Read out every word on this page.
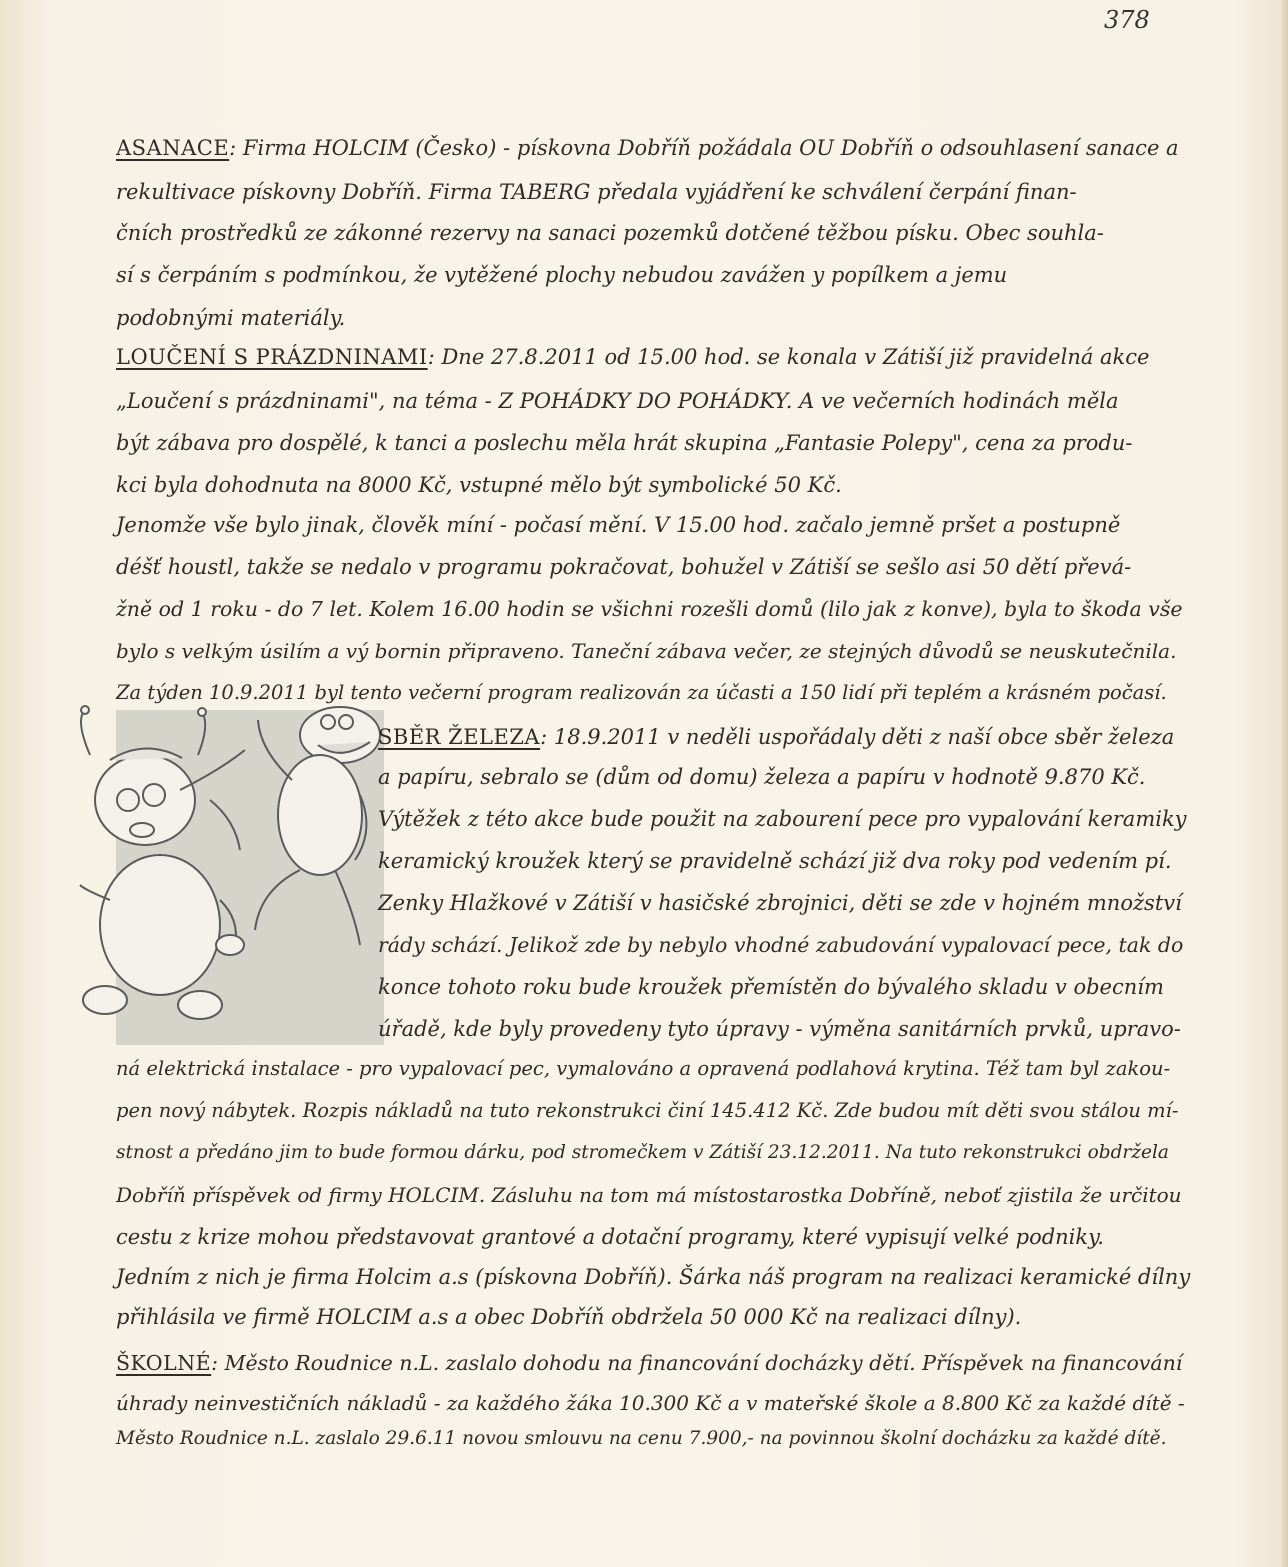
378
ASANACE: Firma HOLCIM (Česko) - pískovna Dobříň požádala OU Dobříň o odsouhlasení sanace a
rekultivace pískovny Dobříň. Firma TABERG předala vyjádření ke schválení čerpání finan-
čních prostředků ze zákonné rezervy na sanaci pozemků dotčené těžbou písku. Obec souhla-
sí s čerpáním s podmínkou, že vytěžené plochy nebudou zavážen y popílkem a jemu
podobnými materiály.
LOUČENÍ S PRÁZDNINAMI: Dne 27.8.2011 od 15.00 hod. se konala v Zátiší již pravidelná akce
„Loučení s prázdninami", na téma - Z POHÁDKY DO POHÁDKY. A ve večerních hodinách měla
být zábava pro dospělé, k tanci a poslechu měla hrát skupina „Fantasie Polepy", cena za produ-
kci byla dohodnuta na 8000 Kč, vstupné mělo být symbolické 50 Kč.
Jenomže vše bylo jinak, člověk míní - počasí mění. V 15.00 hod. začalo jemně pršet a postupně
déšť houstl, takže se nedalo v programu pokračovat, bohužel v Zátiší se sešlo asi 50 dětí převá-
žně od 1 roku - do 7 let. Kolem 16.00 hodin se všichni rozešli domů (lilo jak z konve), byla to škoda vše
bylo s velkým úsilím a vý bornin připraveno. Taneční zábava večer, ze stejných důvodů se neuskutečnila.
Za týden 10.9.2011 byl tento večerní program realizován za účasti a 150 lidí při teplém a krásném počasí.
SBĚR ŽELEZA: 18.9.2011 v neděli uspořádaly děti z naší obce sběr železa
a papíru, sebralo se (dům od domu) železa a papíru v hodnotě 9.870 Kč.
Výtěžek z této akce bude použit na zabourení pece pro vypalování keramiky
keramický kroužek který se pravidelně schází již dva roky pod vedením pí.
Zenky Hlažkové v Zátiší v hasičské zbrojnici, děti se zde v hojném množství
rády schází. Jelikož zde by nebylo vhodné zabudování vypalovací pece, tak do
konce tohoto roku bude kroužek přemístěn do bývalého skladu v obecním
úřadě, kde byly provedeny tyto úpravy - výměna sanitárních prvků, upravo-
ná elektrická instalace - pro vypalovací pec, vymalováno a opravená podlahová krytina. Též tam byl zakou-
pen nový nábytek. Rozpis nákladů na tuto rekonstrukci činí 145.412 Kč. Zde budou mít děti svou stálou mí-
stnost a předáno jim to bude formou dárku, pod stromečkem v Zátiší 23.12.2011. Na tuto rekonstrukci obdržela
Dobříň příspěvek od firmy HOLCIM. Zásluhu na tom má místostarostka Dobříně, neboť zjistila že určitou
cestu z krize mohou představovat grantové a dotační programy, které vypisují velké podniky.
Jedním z nich je firma Holcim a.s (pískovna Dobříň). Šárka náš program na realizaci keramické dílny
přihlásila ve firmě HOLCIM a.s a obec Dobříň obdržela 50 000 Kč na realizaci dílny).
ŠKOLNÉ: Město Roudnice n.L. zaslalo dohodu na financování docházky dětí. Příspěvek na financování
úhrady neinvestičních nákladů - za každého žáka 10.300 Kč a v mateřské škole a 8.800 Kč za každé dítě -
Město Roudnice n.L. zaslalo 29.6.11 novou smlouvu na cenu 7.900,- na povinnou školní docházku za každé dítě.
